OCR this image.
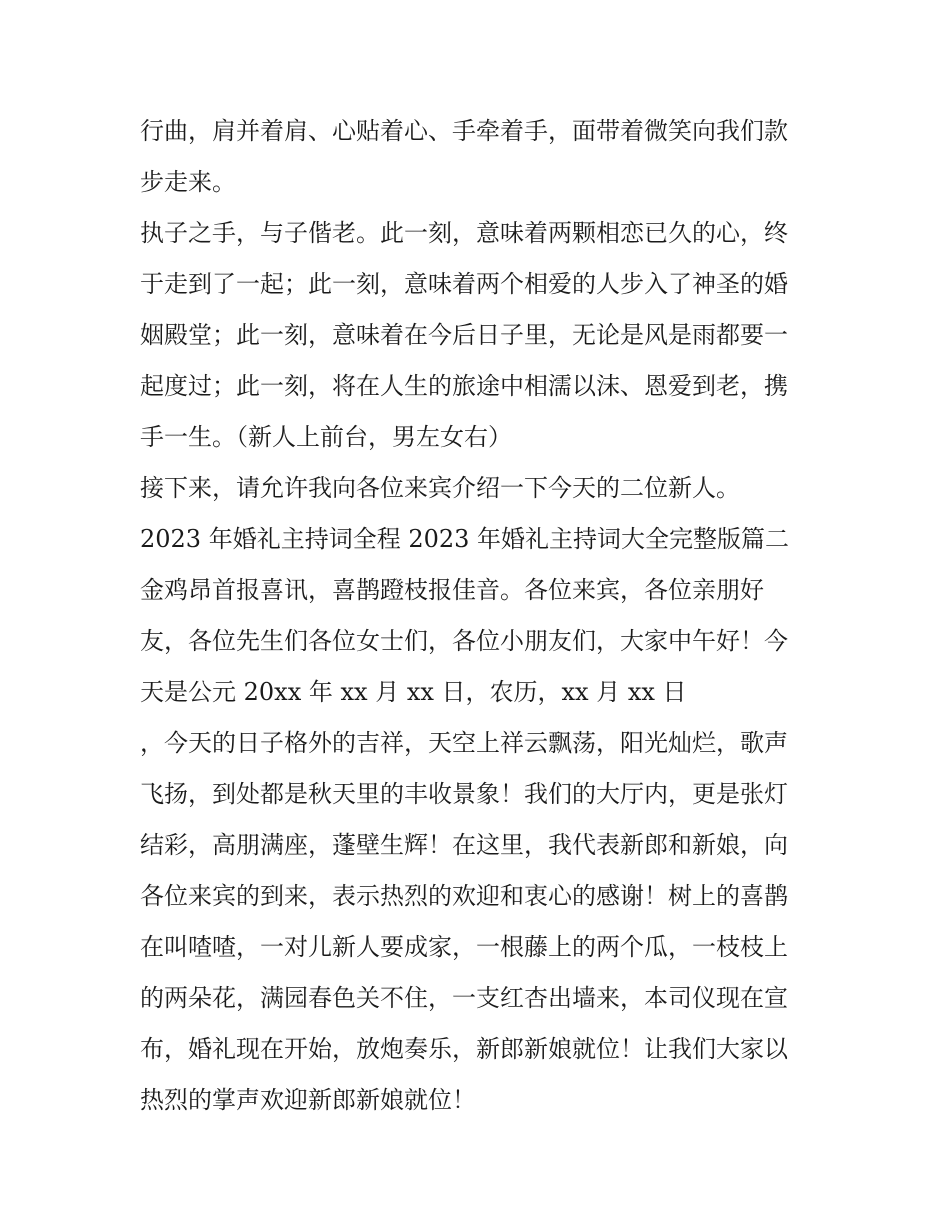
行曲，肩并着肩、心贴着心、手牵着手，面带着微笑向我们款
步走来。
执子之手，与子偕老。此一刻，意味着两颗相恋已久的心，终
于走到了一起；此一刻，意味着两个相爱的人步入了神圣的婚
姻殿堂；此一刻，意味着在今后日子里，无论是风是雨都要一
起度过；此一刻，将在人生的旅途中相濡以沫、恩爱到老，携
手一生。（新人上前台，男左女右）
接下来，请允许我向各位来宾介绍一下今天的二位新人。
2023 年婚礼主持词全程 2023 年婚礼主持词大全完整版篇二
金鸡昂首报喜讯，喜鹊蹬枝报佳音。各位来宾，各位亲朋好
友，各位先生们各位女士们，各位小朋友们，大家中午好！今
天是公元 20xx 年 xx 月 xx 日，农历，xx 月 xx 日
，今天的日子格外的吉祥，天空上祥云飘荡，阳光灿烂，歌声
飞扬，到处都是秋天里的丰收景象！我们的大厅内，更是张灯
结彩，高朋满座，蓬壁生辉！在这里，我代表新郎和新娘，向
各位来宾的到来，表示热烈的欢迎和衷心的感谢！树上的喜鹊
在叫喳喳，一对儿新人要成家，一根藤上的两个瓜，一枝枝上
的两朵花，满园春色关不住，一支红杏出墙来，本司仪现在宣
布，婚礼现在开始，放炮奏乐，新郎新娘就位！让我们大家以
热烈的掌声欢迎新郎新娘就位！
